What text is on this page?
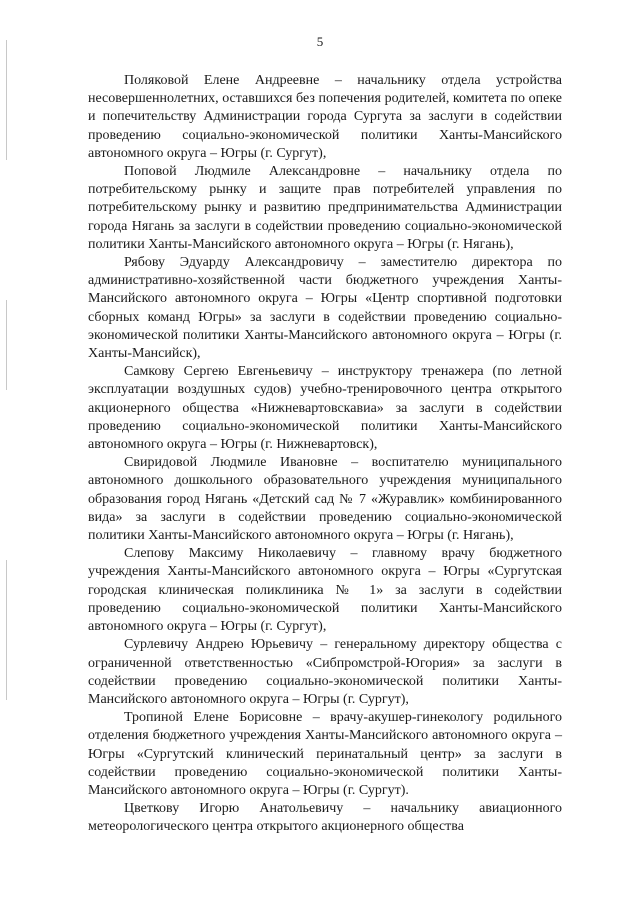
5

Поляковой Елене Андреевне – начальнику отдела устройства несовершеннолетних, оставшихся без попечения родителей, комитета по опеке и попечительству Администрации города Сургута за заслуги в содействии проведению социально-экономической политики Ханты-Мансийского автономного округа – Югры (г. Сургут),

Поповой Людмиле Александровне – начальнику отдела по потребительскому рынку и защите прав потребителей управления по потребительскому рынку и развитию предпринимательства Администрации города Нягань за заслуги в содействии проведению социально-экономической политики Ханты-Мансийского автономного округа – Югры (г. Нягань),

Рябову Эдуарду Александровичу – заместителю директора по административно-хозяйственной части бюджетного учреждения Ханты-Мансийского автономного округа – Югры «Центр спортивной подготовки сборных команд Югры» за заслуги в содействии проведению социально-экономической политики Ханты-Мансийского автономного округа – Югры (г. Ханты-Мансийск),

Самкову Сергею Евгеньевичу – инструктору тренажера (по летной эксплуатации воздушных судов) учебно-тренировочного центра открытого акционерного общества «Нижневартовскавиа» за заслуги в содействии проведению социально-экономической политики Ханты-Мансийского автономного округа – Югры (г. Нижневартовск),

Свиридовой Людмиле Ивановне – воспитателю муниципального автономного дошкольного образовательного учреждения муниципального образования город Нягань «Детский сад № 7 «Журавлик» комбинированного вида» за заслуги в содействии проведению социально-экономической политики Ханты-Мансийского автономного округа – Югры (г. Нягань),

Слепову Максиму Николаевичу – главному врачу бюджетного учреждения Ханты-Мансийского автономного округа – Югры «Сургутская городская клиническая поликлиника № 1» за заслуги в содействии проведению социально-экономической политики Ханты-Мансийского автономного округа – Югры (г. Сургут),

Сурлевичу Андрею Юрьевичу – генеральному директору общества с ограниченной ответственностью «Сибпромстрой-Югория» за заслуги в содействии проведению социально-экономической политики Ханты-Мансийского автономного округа – Югры (г. Сургут),

Тропиной Елене Борисовне – врачу-акушер-гинекологу родильного отделения бюджетного учреждения Ханты-Мансийского автономного округа – Югры «Сургутский клинический перинатальный центр» за заслуги в содействии проведению социально-экономической политики Ханты-Мансийского автономного округа – Югры (г. Сургут).

Цветкову Игорю Анатольевичу – начальнику авиационного метеорологического центра открытого акционерного общества
